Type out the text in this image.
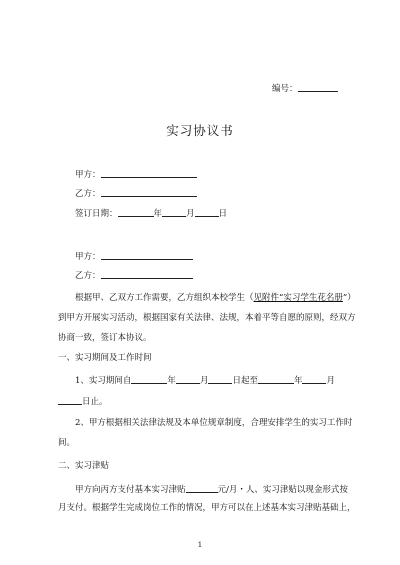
编号：
实习协议书
甲方：
乙方：
签订日期：	年	月	日
甲方：
乙方：
根据甲、乙双方工作需要，乙方组织本校学生（见附件“实习学生花名册”）
到甲方开展实习活动，根据国家有关法律、法规，本着平等自愿的原则，经双方
协商一致，签订本协议。
一、实习期间及工作时间
1、实习期间自	年	月	日起至	年	月
日止。
2、甲方根据相关法律法规及本单位规章制度，合理安排学生的实习工作时
间。
二、实习津贴
甲方向丙方支付基本实习津贴	元/月・人、实习津贴以现金形式按
月支付。根据学生完成岗位工作的情况，甲方可以在上述基本实习津贴基础上，
1
